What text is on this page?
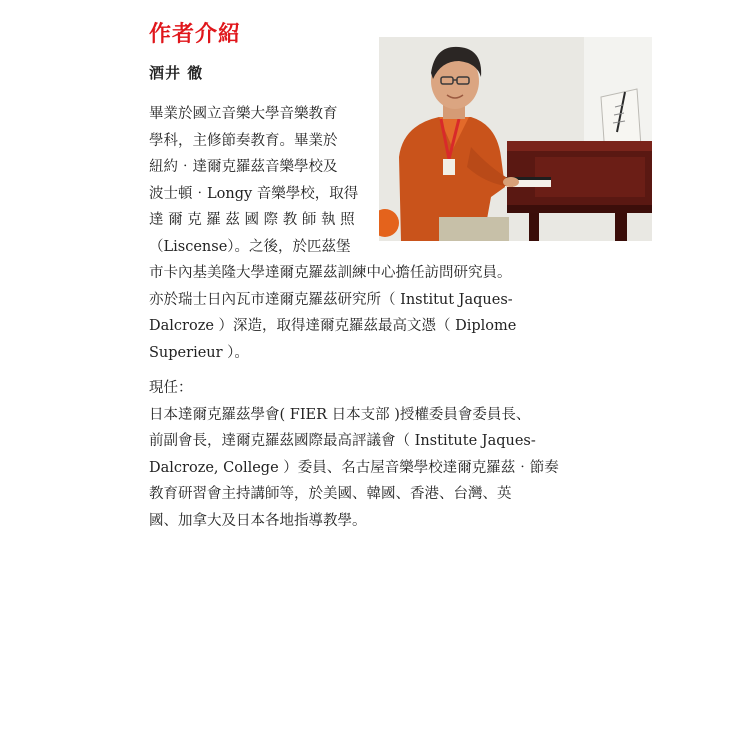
作者介紹
酒井 徹

畢業於國立音樂大學音樂教育

學科，主修節奏教育。畢業於

紐約‧達爾克羅茲音樂學校及

波士頓‧Longy 音樂學校，取得

達 爾 克 羅 茲 國 際 教 師 執 照

（Liscense）。之後，於匹茲堡

市卡內基美隆大學達爾克羅茲訓練中心擔任訪問研究員。

亦於瑞士日內瓦市達爾克羅茲研究所（ Institut Jaques-

Dalcroze ）深造，取得達爾克羅茲最高文憑（ Diplome

Superieur ）。

現任：

日本達爾克羅茲學會( FIER 日本支部 )授權委員會委員長、

前副會長，達爾克羅茲國際最高評議會（ Institute Jaques-

Dalcroze, College ）委員、名古屋音樂學校達爾克羅茲‧節奏

教育研習會主持講師等，於美國、韓國、香港、台灣、英

國、加拿大及日本各地指導教學。
